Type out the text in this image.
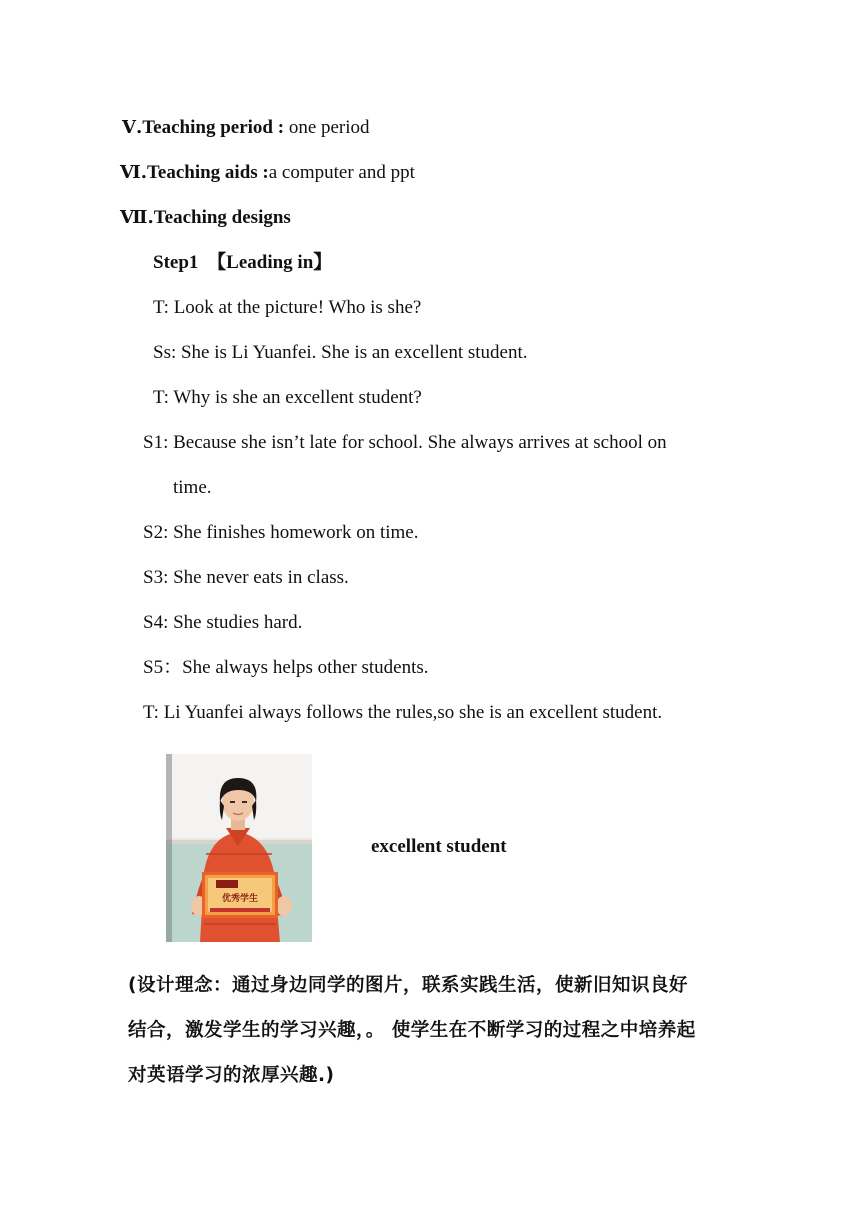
Ⅴ.Teaching period : one period
Ⅵ.Teaching aids :a computer and ppt
Ⅶ.Teaching designs
Step1 【Leading in】
T: Look at the picture! Who is she?
Ss: She is Li Yuanfei. She is an excellent student.
T: Why is she an excellent student?
S1: Because she isn’t late for school. She always arrives at school on
time.
S2: She finishes homework on time.
S3: She never eats in class.
S4: She studies hard.
S5：She always helps other students.
T: Li Yuanfei always follows the rules,so she is an excellent student.
优秀学生
excellent student
(设计理念：通过身边同学的图片，联系实践生活，使新旧知识良好
结合，激发学生的学习兴趣，。 使学生在不断学习的过程之中培养起
对英语学习的浓厚兴趣.)
